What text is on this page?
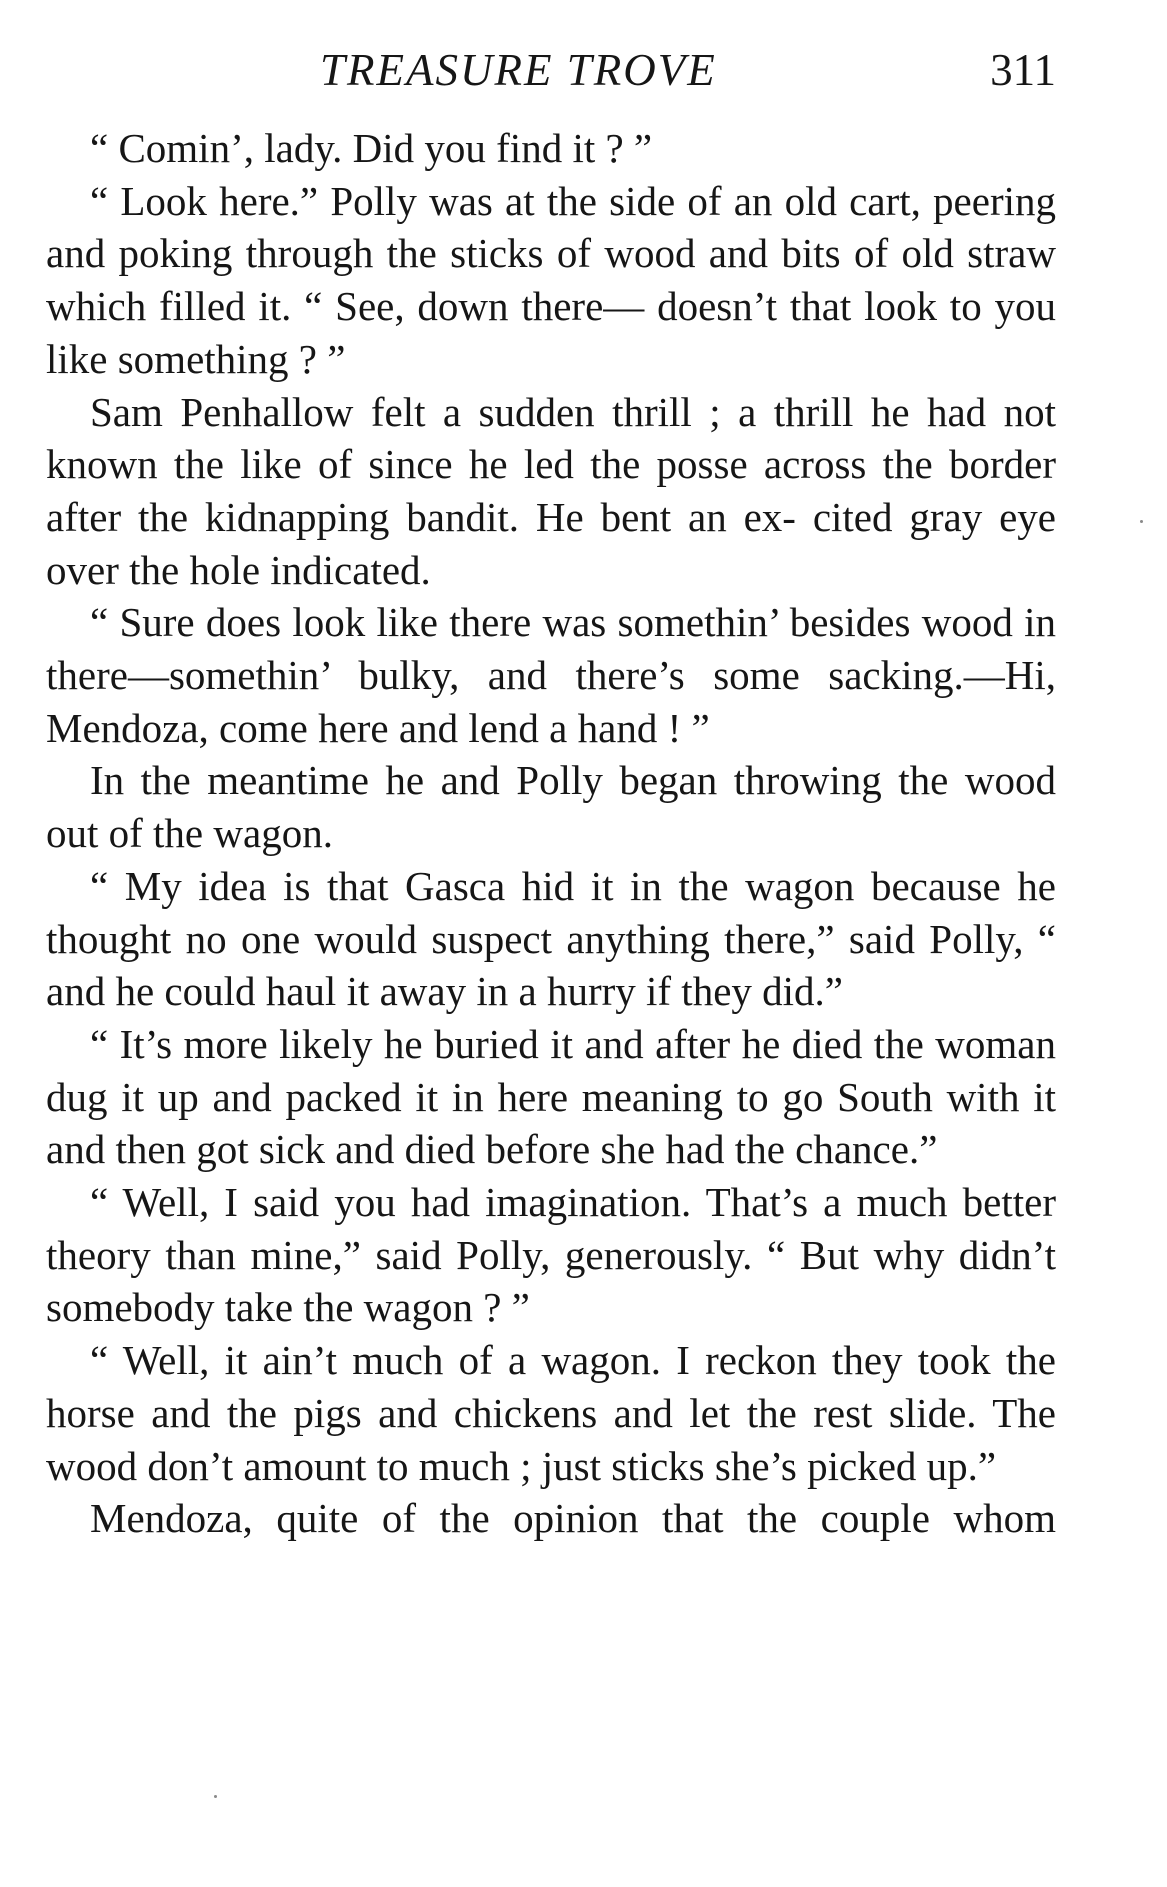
TREASURE TROVE	311

“ Comin’, lady. Did you find it ? ”

“ Look here.” Polly was at the side of an old cart, peering and poking through the sticks of wood and bits of old straw which filled it. “ See, down there— doesn’t that look to you like something ? ”

Sam Penhallow felt a sudden thrill ; a thrill he had not known the like of since he led the posse across the border after the kidnapping bandit. He bent an ex- cited gray eye over the hole indicated.

“ Sure does look like there was somethin’ besides wood in there—somethin’ bulky, and there’s some sacking.—Hi, Mendoza, come here and lend a hand ! ”

In the meantime he and Polly began throwing the wood out of the wagon.

“ My idea is that Gasca hid it in the wagon because he thought no one would suspect anything there,” said Polly, “ and he could haul it away in a hurry if they did.”

“ It’s more likely he buried it and after he died the woman dug it up and packed it in here meaning to go South with it and then got sick and died before she had the chance.”

“ Well, I said you had imagination. That’s a much better theory than mine,” said Polly, generously. “ But why didn’t somebody take the wagon ? ”

“ Well, it ain’t much of a wagon. I reckon they took the horse and the pigs and chickens and let the rest slide. The wood don’t amount to much ; just sticks she’s picked up.”

Mendoza, quite of the opinion that the couple whom
